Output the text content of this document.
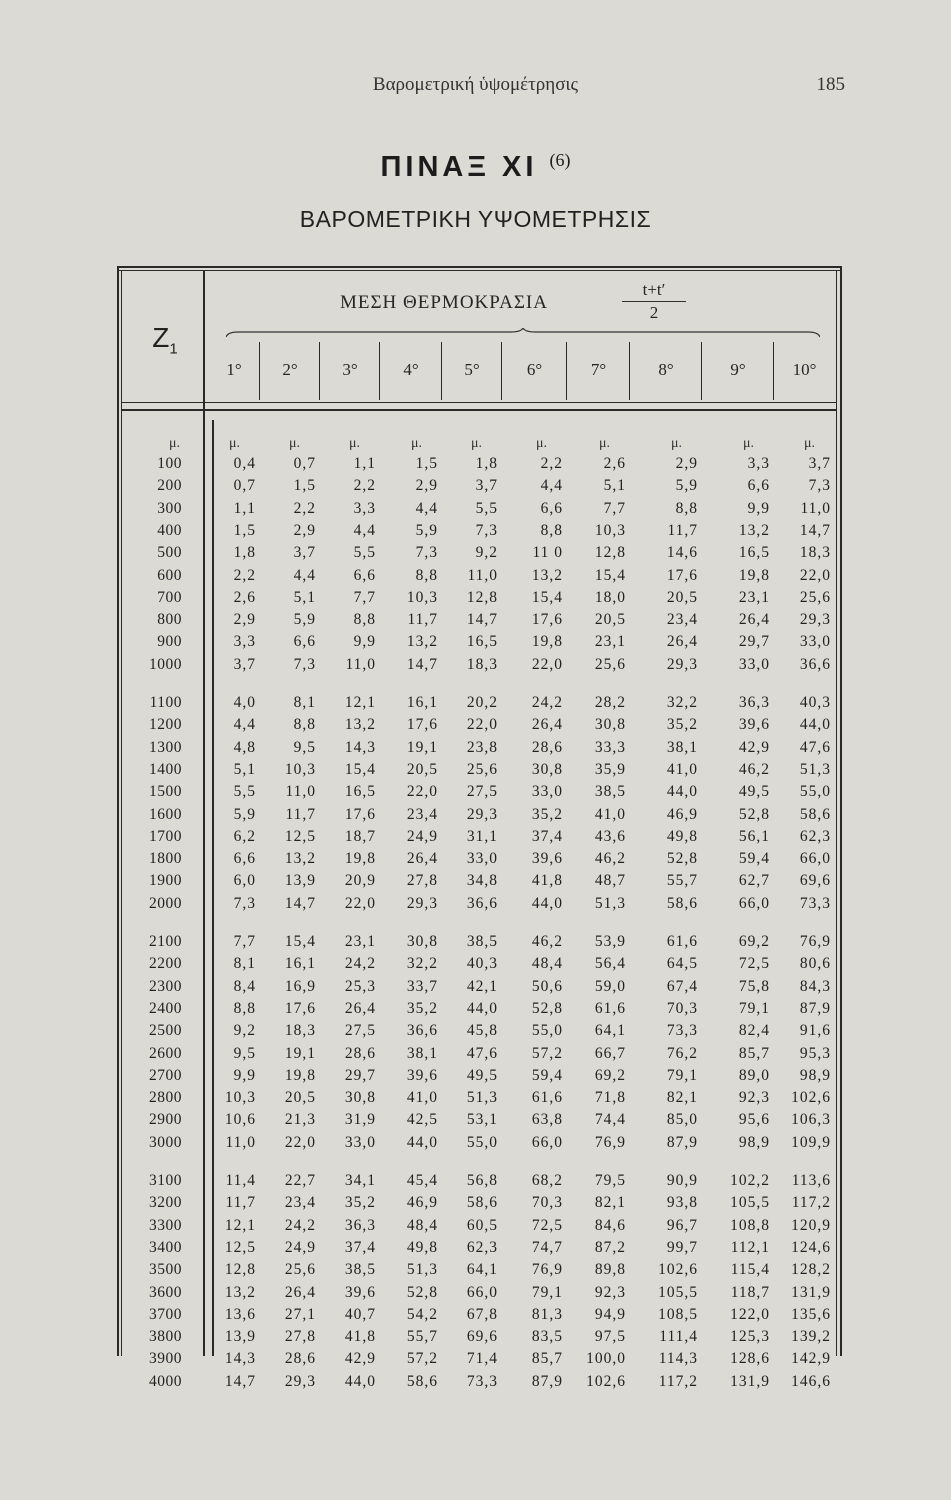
Βαρομετρική ὑψομέτρησις	185
ΠΙΝΑΞ XI $^{(6)}$
ΒΑΡΟΜΕΤΡΙΚΗ ΥΨΟΜΕΤΡΗΣΙΣ
$Z_1$
ΜΕΣΗ ΘΕΡΜΟΚΡΑΣΙΑ	$\frac{t+t'}{2}$
1°	2°	3°	4°	5°	6°	7°	8°	9°	10°
μ.	μ.	μ.	μ.	μ.	μ.	μ.	μ.	μ.	μ.	μ.
100	0,4	0,7	1,1	1,5	1,8	2,2	2,6	2,9	3,3	3,7
200	0,7	1,5	2,2	2,9	3,7	4,4	5,1	5,9	6,6	7,3
300	1,1	2,2	3,3	4,4	5,5	6,6	7,7	8,8	9,9	11,0
400	1,5	2,9	4,4	5,9	7,3	8,8	10,3	11,7	13,2	14,7
500	1,8	3,7	5,5	7,3	9,2	11 0	12,8	14,6	16,5	18,3
600	2,2	4,4	6,6	8,8	11,0	13,2	15,4	17,6	19,8	22,0
700	2,6	5,1	7,7	10,3	12,8	15,4	18,0	20,5	23,1	25,6
800	2,9	5,9	8,8	11,7	14,7	17,6	20,5	23,4	26,4	29,3
900	3,3	6,6	9,9	13,2	16,5	19,8	23,1	26,4	29,7	33,0
1000	3,7	7,3	11,0	14,7	18,3	22,0	25,6	29,3	33,0	36,6
1100	4,0	8,1	12,1	16,1	20,2	24,2	28,2	32,2	36,3	40,3
1200	4,4	8,8	13,2	17,6	22,0	26,4	30,8	35,2	39,6	44,0
1300	4,8	9,5	14,3	19,1	23,8	28,6	33,3	38,1	42,9	47,6
1400	5,1	10,3	15,4	20,5	25,6	30,8	35,9	41,0	46,2	51,3
1500	5,5	11,0	16,5	22,0	27,5	33,0	38,5	44,0	49,5	55,0
1600	5,9	11,7	17,6	23,4	29,3	35,2	41,0	46,9	52,8	58,6
1700	6,2	12,5	18,7	24,9	31,1	37,4	43,6	49,8	56,1	62,3
1800	6,6	13,2	19,8	26,4	33,0	39,6	46,2	52,8	59,4	66,0
1900	6,0	13,9	20,9	27,8	34,8	41,8	48,7	55,7	62,7	69,6
2000	7,3	14,7	22,0	29,3	36,6	44,0	51,3	58,6	66,0	73,3
2100	7,7	15,4	23,1	30,8	38,5	46,2	53,9	61,6	69,2	76,9
2200	8,1	16,1	24,2	32,2	40,3	48,4	56,4	64,5	72,5	80,6
2300	8,4	16,9	25,3	33,7	42,1	50,6	59,0	67,4	75,8	84,3
2400	8,8	17,6	26,4	35,2	44,0	52,8	61,6	70,3	79,1	87,9
2500	9,2	18,3	27,5	36,6	45,8	55,0	64,1	73,3	82,4	91,6
2600	9,5	19,1	28,6	38,1	47,6	57,2	66,7	76,2	85,7	95,3
2700	9,9	19,8	29,7	39,6	49,5	59,4	69,2	79,1	89,0	98,9
2800	10,3	20,5	30,8	41,0	51,3	61,6	71,8	82,1	92,3	102,6
2900	10,6	21,3	31,9	42,5	53,1	63,8	74,4	85,0	95,6	106,3
3000	11,0	22,0	33,0	44,0	55,0	66,0	76,9	87,9	98,9	109,9
3100	11,4	22,7	34,1	45,4	56,8	68,2	79,5	90,9	102,2	113,6
3200	11,7	23,4	35,2	46,9	58,6	70,3	82,1	93,8	105,5	117,2
3300	12,1	24,2	36,3	48,4	60,5	72,5	84,6	96,7	108,8	120,9
3400	12,5	24,9	37,4	49,8	62,3	74,7	87,2	99,7	112,1	124,6
3500	12,8	25,6	38,5	51,3	64,1	76,9	89,8	102,6	115,4	128,2
3600	13,2	26,4	39,6	52,8	66,0	79,1	92,3	105,5	118,7	131,9
3700	13,6	27,1	40,7	54,2	67,8	81,3	94,9	108,5	122,0	135,6
3800	13,9	27,8	41,8	55,7	69,6	83,5	97,5	111,4	125,3	139,2
3900	14,3	28,6	42,9	57,2	71,4	85,7	100,0	114,3	128,6	142,9
4000	14,7	29,3	44,0	58,6	73,3	87,9	102,6	117,2	131,9	146,6
